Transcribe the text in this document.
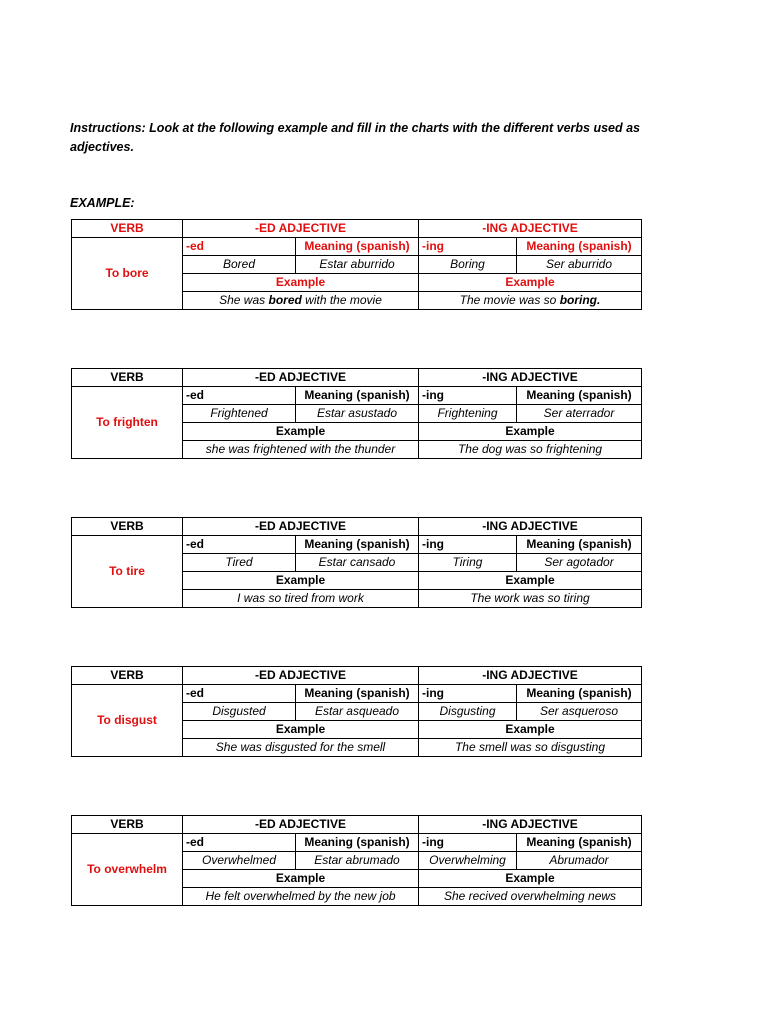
Instructions: Look at the following example and fill in the charts with the different verbs used as adjectives.
EXAMPLE:
VERB	-ED ADJECTIVE		-ING ADJECTIVE	
To bore	-ed	Meaning (spanish)	-ing	Meaning (spanish)
	Bored	Estar aburrido	Boring	Ser aburrido
	Example		Example	
	She was bored with the movie		The movie was so boring.	
VERB	-ED ADJECTIVE		-ING ADJECTIVE	
To frighten	-ed	Meaning (spanish)	-ing	Meaning (spanish)
	Frightened	Estar asustado	Frightening	Ser aterrador
	Example		Example	
	she was frightened with the thunder		The dog was so frightening	
VERB	-ED ADJECTIVE		-ING ADJECTIVE	
To tire	-ed	Meaning (spanish)	-ing	Meaning (spanish)
	Tired	Estar cansado	Tiring	Ser agotador
	Example		Example	
	I was so tired from work		The work was so tiring	
VERB	-ED ADJECTIVE		-ING ADJECTIVE	
To disgust	-ed	Meaning (spanish)	-ing	Meaning (spanish)
	Disgusted	Estar asqueado	Disgusting	Ser asqueroso
	Example		Example	
	She was disgusted for the smell		The smell was so disgusting	
VERB	-ED ADJECTIVE		-ING ADJECTIVE	
To overwhelm	-ed	Meaning (spanish)	-ing	Meaning (spanish)
	Overwhelmed	Estar abrumado	Overwhelming	Abrumador
	Example		Example	
	He felt overwhelmed by the new job		She recived overwhelming news	
